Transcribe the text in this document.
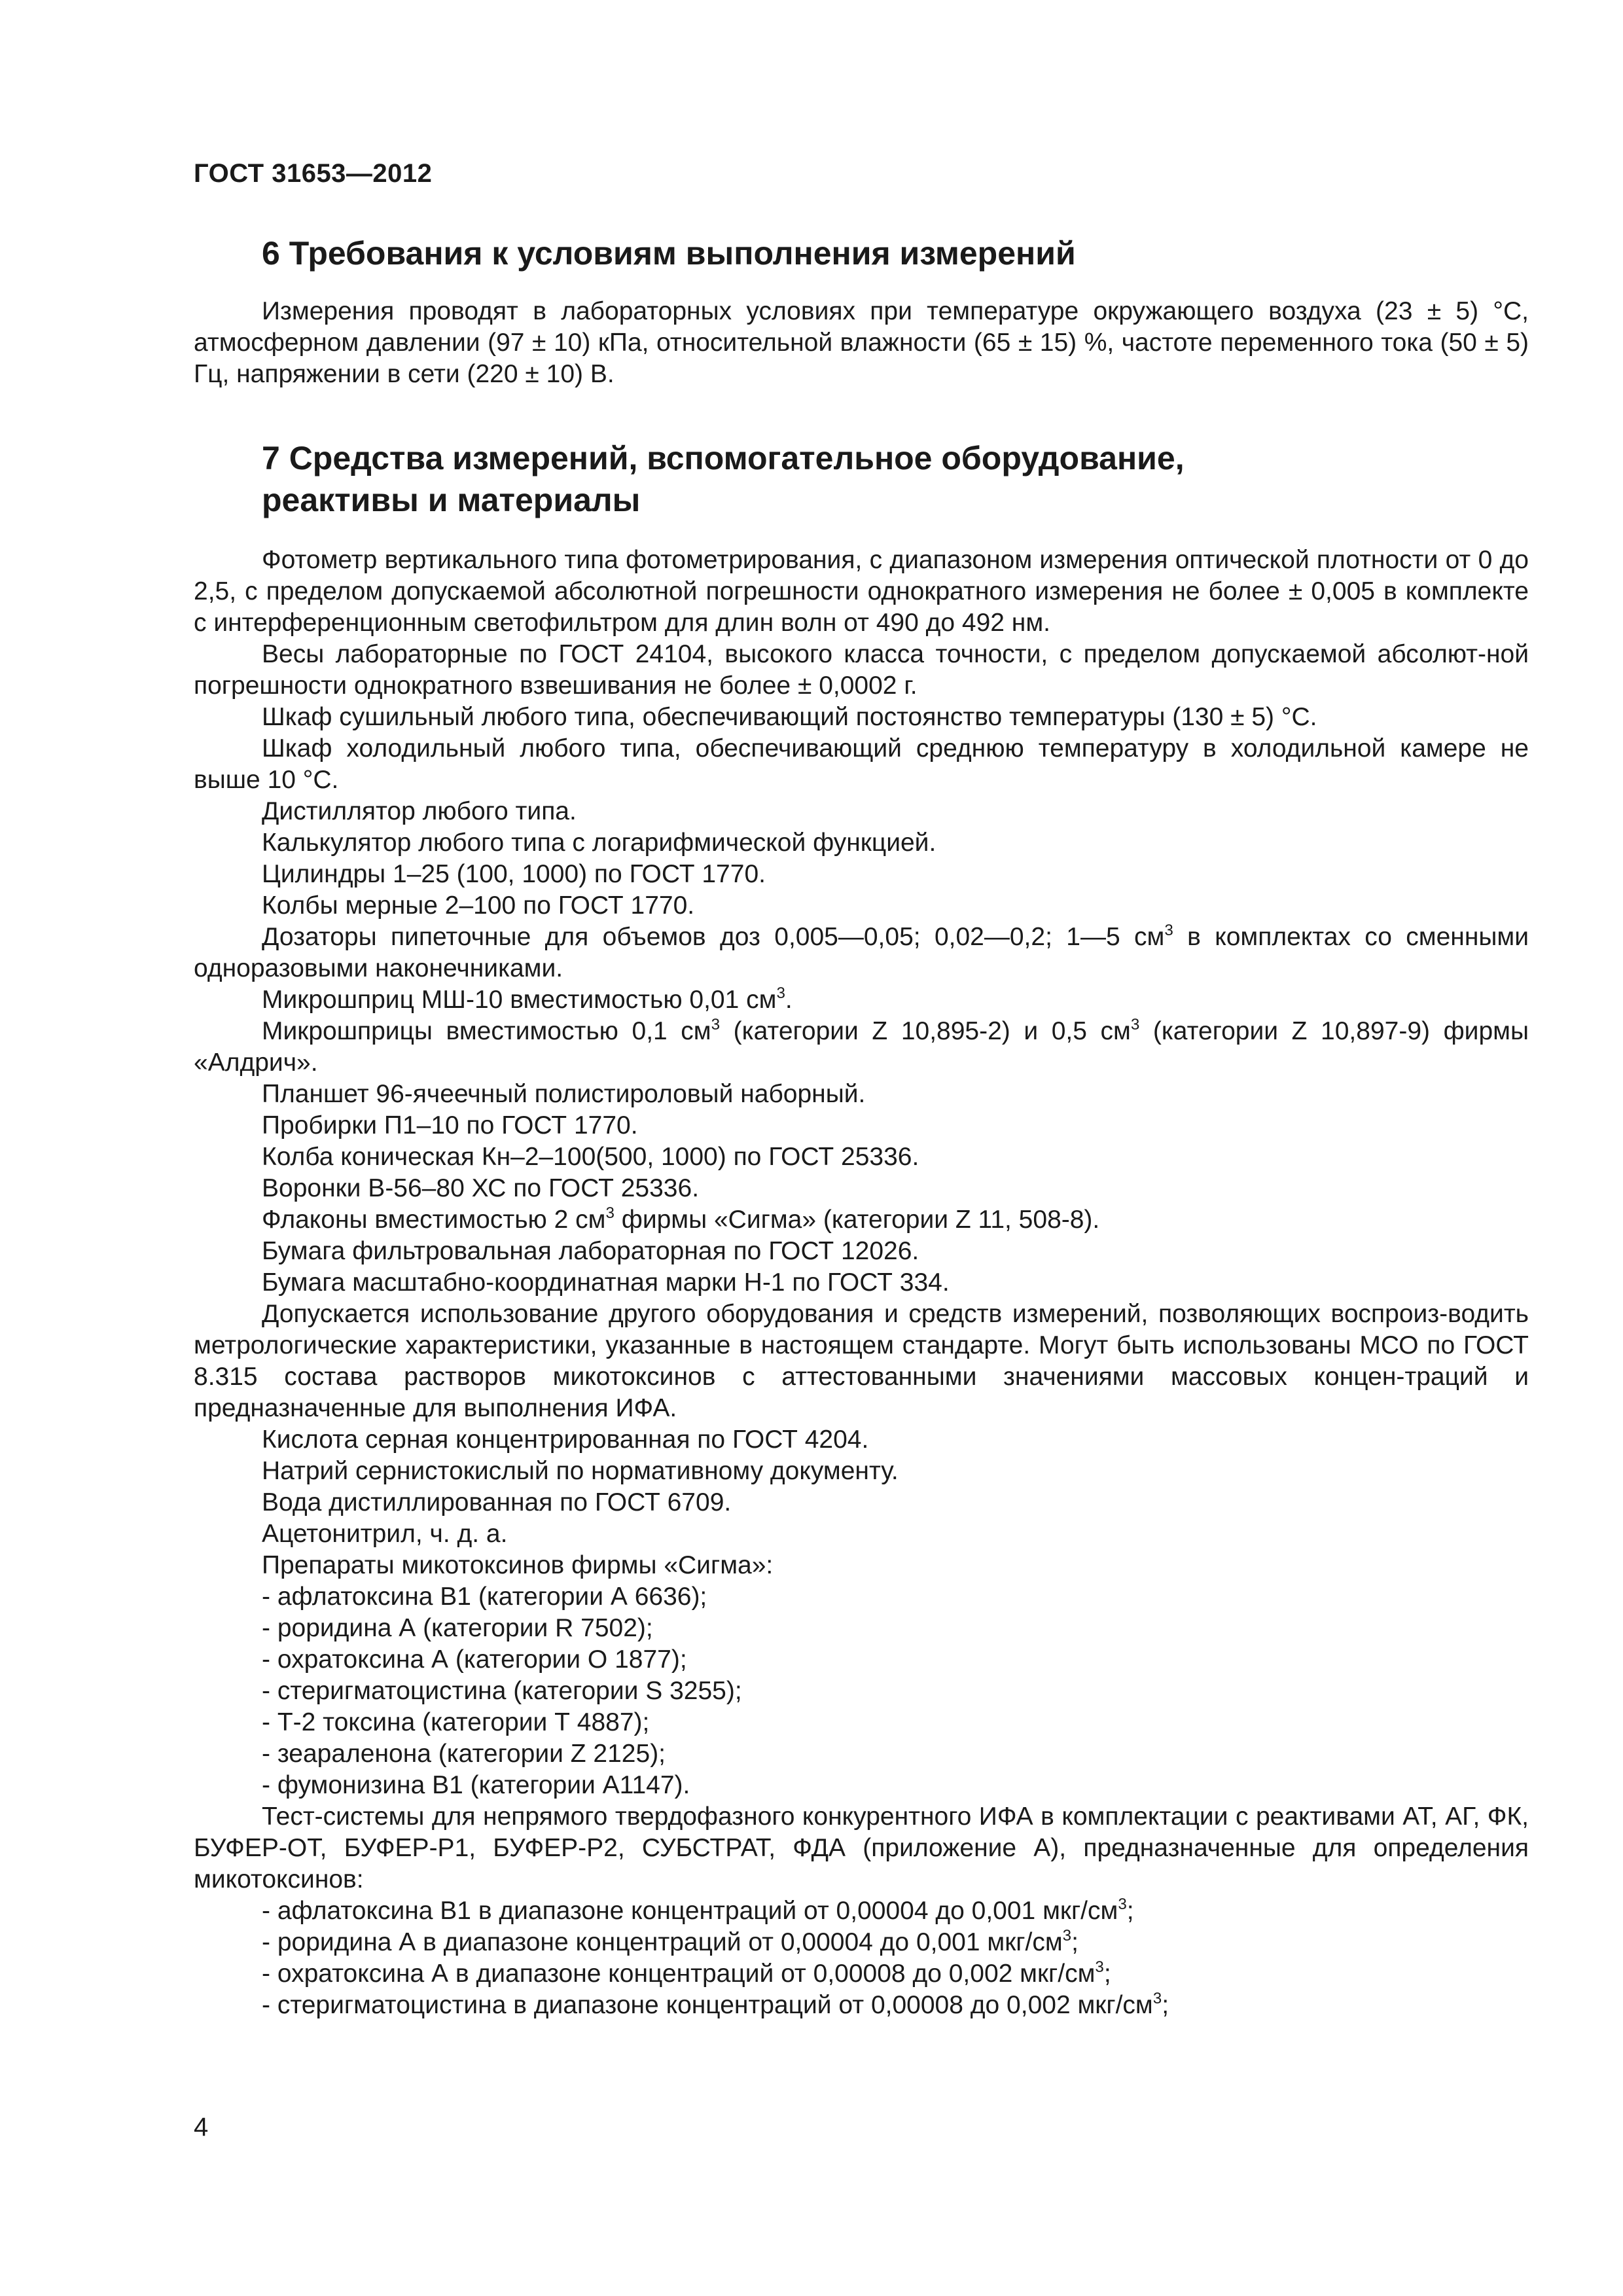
ГОСТ 31653—2012
6 Требования к условиям выполнения измерений

Измерения проводят в лабораторных условиях при температуре окружающего воздуха (23 ± 5) °С, атмосферном давлении (97 ± 10) кПа, относительной влажности (65 ± 15) %, частоте переменного тока (50 ± 5) Гц, напряжении в сети (220 ± 10) В.

7 Средства измерений, вспомогательное оборудование,
реактивы и материалы

Фотометр вертикального типа фотометрирования, с диапазоном измерения оптической плотности от 0 до 2,5, с пределом допускаемой абсолютной погрешности однократного измерения не более ± 0,005 в комплекте с интерференционным светофильтром для длин волн от 490 до 492 нм.

Весы лабораторные по ГОСТ 24104, высокого класса точности, с пределом допускаемой абсолют-ной погрешности однократного взвешивания не более ± 0,0002 г.

Шкаф сушильный любого типа, обеспечивающий постоянство температуры (130 ± 5) °С.

Шкаф холодильный любого типа, обеспечивающий среднюю температуру в холодильной камере не выше 10 °С.

Дистиллятор любого типа.

Калькулятор любого типа с логарифмической функцией.

Цилиндры 1–25 (100, 1000) по ГОСТ 1770.

Колбы мерные 2–100 по ГОСТ 1770.

Дозаторы пипеточные для объемов доз 0,005—0,05; 0,02—0,2; 1—5 $см^3$ в комплектах со сменными одноразовыми наконечниками.

Микрошприц МШ-10 вместимостью 0,01 $см^3$.

Микрошприцы вместимостью 0,1 $см^3$ (категории Z 10,895-2) и 0,5 $см^3$ (категории Z 10,897-9) фирмы «Алдрич».

Планшет 96-ячеечный полистироловый наборный.

Пробирки П1–10 по ГОСТ 1770.

Колба коническая Кн–2–100(500, 1000) по ГОСТ 25336.

Воронки В-56–80 ХС по ГОСТ 25336.

Флаконы вместимостью 2 $см^3$ фирмы «Сигма» (категории Z 11, 508-8).

Бумага фильтровальная лабораторная по ГОСТ 12026.

Бумага масштабно-координатная марки Н-1 по ГОСТ 334.

Допускается использование другого оборудования и средств измерений, позволяющих воспроиз-водить метрологические характеристики, указанные в настоящем стандарте. Могут быть использованы МСО по ГОСТ 8.315 состава растворов микотоксинов с аттестованными значениями массовых концен-траций и предназначенные для выполнения ИФА.

Кислота серная концентрированная по ГОСТ 4204.

Натрий сернистокислый по нормативному документу.

Вода дистиллированная по ГОСТ 6709.

Ацетонитрил, ч. д. а.

Препараты микотоксинов фирмы «Сигма»:

- афлатоксина В1 (категории А 6636);

- роридина А (категории R 7502);

- охратоксина А (категории О 1877);

- стеригматоцистина (категории S 3255);

- Т-2 токсина (категории Т 4887);

- зеараленона (категории Z 2125);

- фумонизина В1 (категории А1147).

Тест-системы для непрямого твердофазного конкурентного ИФА в комплектации с реактивами АТ, АГ, ФК, БУФЕР-ОТ, БУФЕР-Р1, БУФЕР-Р2, СУБСТРАТ, ФДА (приложение А), предназначенные для определения микотоксинов:

- афлатоксина В1 в диапазоне концентраций от 0,00004 до 0,001 мкг/$см^3$;

- роридина А в диапазоне концентраций от 0,00004 до 0,001 мкг/$см^3$;

- охратоксина А в диапазоне концентраций от 0,00008 до 0,002 мкг/$см^3$;

- стеригматоцистина в диапазоне концентраций от 0,00008 до 0,002 мкг/$см^3$;

4
